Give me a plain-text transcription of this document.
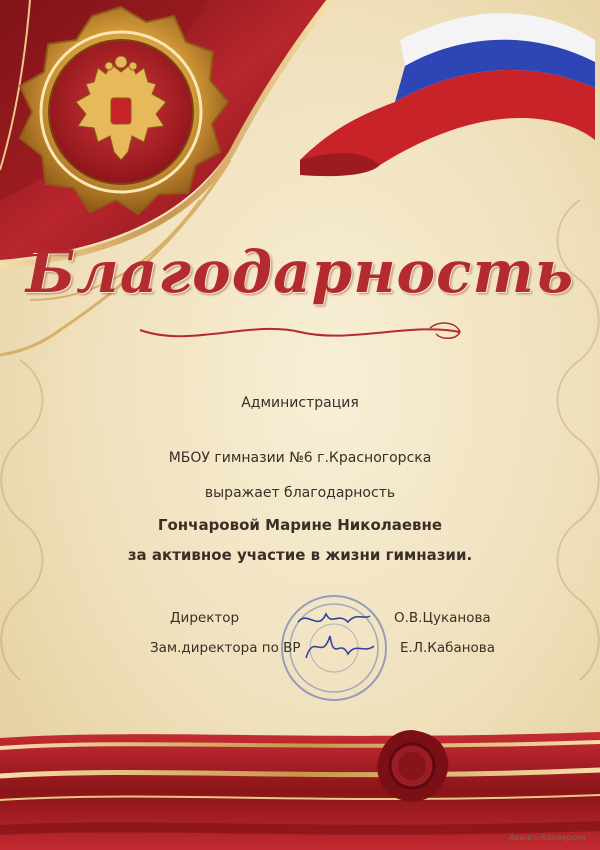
Благодарность
Администрация
МБОУ гимназии №6 г.Красногорска
выражает благодарность
Гончаровой Марине Николаевне
за активное участие в жизни гимназии.
Директор	О.В.Цуканова
Зам.директора по ВР	Е.Л.Кабанова
Авангс-Конверсия
